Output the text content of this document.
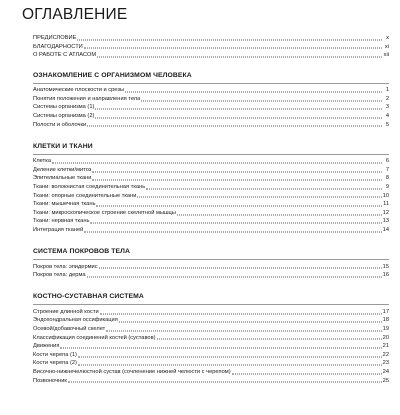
ОГЛАВЛЕНИЕ
ПРЕДИСЛОВИЕ	x
БЛАГОДАРНОСТИ	xi
О РАБОТЕ С АТЛАСОМ	xii
ОЗНАКОМЛЕНИЕ С ОРГАНИЗМОМ ЧЕЛОВЕКА
Анатомические плоскости и срезы	1
Понятия положения и направления тела	2
Системы организма (1)	3
Системы организма (2)	4
Полости и оболочки	5
КЛЕТКИ И ТКАНИ
Клетка	6
Деление клетки/митоз	7
Эпителиальные ткани	8
Ткани: волокнистая соединительная ткань	9
Ткани: опорные соединительные ткани	10
Ткани: мышечная ткань	11
Ткани: микроскопическое строение скелетной мышцы	12
Ткани: нервная ткань	13
Интеграция тканей	14
СИСТЕМА ПОКРОВОВ ТЕЛА
Покров тела: эпидермис	15
Покров тела: дерма	16
КОСТНО-СУСТАВНАЯ СИСТЕМА
Строение длинной кости	17
Эндохондральная оссификация	18
Осевой/добавочный скелет	19
Классификация соединений костей (суставов)	20
Движения	21
Кости черепа (1)	22
Кости черепа (2)	23
Височно-нижнечелюстной сустав (сочленение нижней челюсти с черепом)	24
Позвоночник	25
